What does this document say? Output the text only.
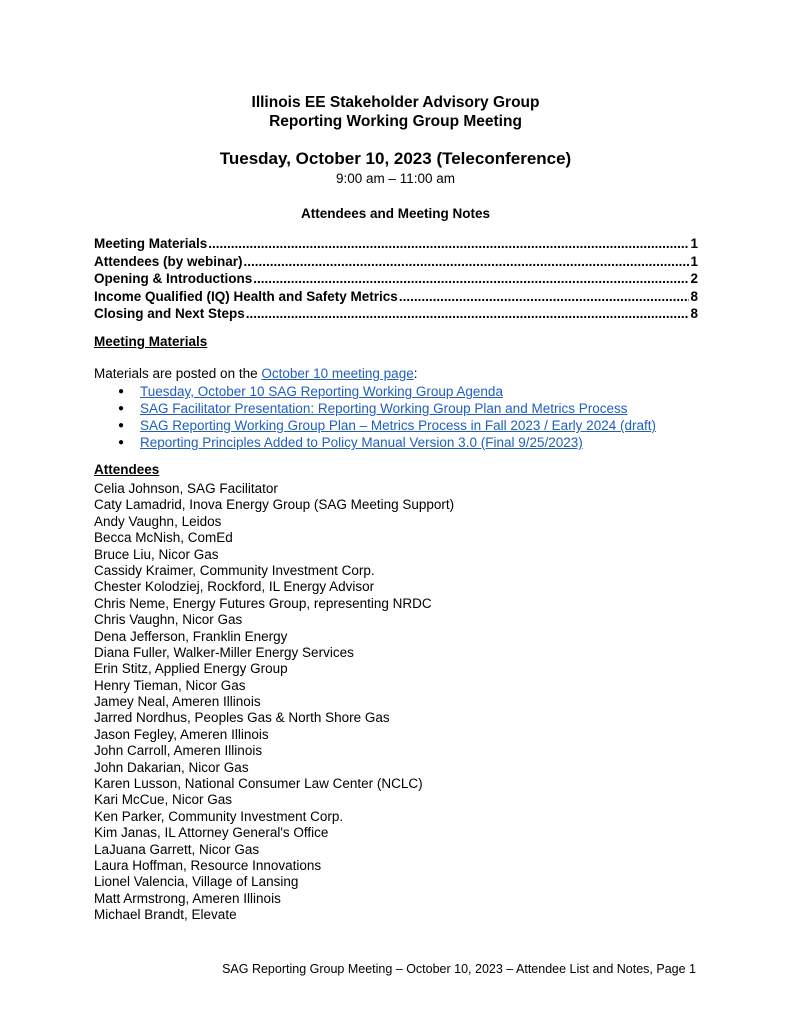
Illinois EE Stakeholder Advisory Group
Reporting Working Group Meeting
Tuesday, October 10, 2023 (Teleconference)
9:00 am – 11:00 am
Attendees and Meeting Notes
Meeting Materials .....	1
Attendees (by webinar) .....	1
Opening & Introductions .....	2
Income Qualified (IQ) Health and Safety Metrics .....	8
Closing and Next Steps .....	8
Meeting Materials
Materials are posted on the October 10 meeting page:
●	Tuesday, October 10 SAG Reporting Working Group Agenda
●	SAG Facilitator Presentation: Reporting Working Group Plan and Metrics Process
●	SAG Reporting Working Group Plan – Metrics Process in Fall 2023 / Early 2024 (draft)
●	Reporting Principles Added to Policy Manual Version 3.0 (Final 9/25/2023)
Attendees
Celia Johnson, SAG Facilitator
Caty Lamadrid, Inova Energy Group (SAG Meeting Support)
Andy Vaughn, Leidos
Becca McNish, ComEd
Bruce Liu, Nicor Gas
Cassidy Kraimer, Community Investment Corp.
Chester Kolodziej, Rockford, IL Energy Advisor
Chris Neme, Energy Futures Group, representing NRDC
Chris Vaughn, Nicor Gas
Dena Jefferson, Franklin Energy
Diana Fuller, Walker-Miller Energy Services
Erin Stitz, Applied Energy Group
Henry Tieman, Nicor Gas
Jamey Neal, Ameren Illinois
Jarred Nordhus, Peoples Gas & North Shore Gas
Jason Fegley, Ameren Illinois
John Carroll, Ameren Illinois
John Dakarian, Nicor Gas
Karen Lusson, National Consumer Law Center (NCLC)
Kari McCue, Nicor Gas
Ken Parker, Community Investment Corp.
Kim Janas, IL Attorney General's Office
LaJuana Garrett, Nicor Gas
Laura Hoffman, Resource Innovations
Lionel Valencia, Village of Lansing
Matt Armstrong, Ameren Illinois
Michael Brandt, Elevate
SAG Reporting Group Meeting – October 10, 2023 – Attendee List and Notes, Page 1
